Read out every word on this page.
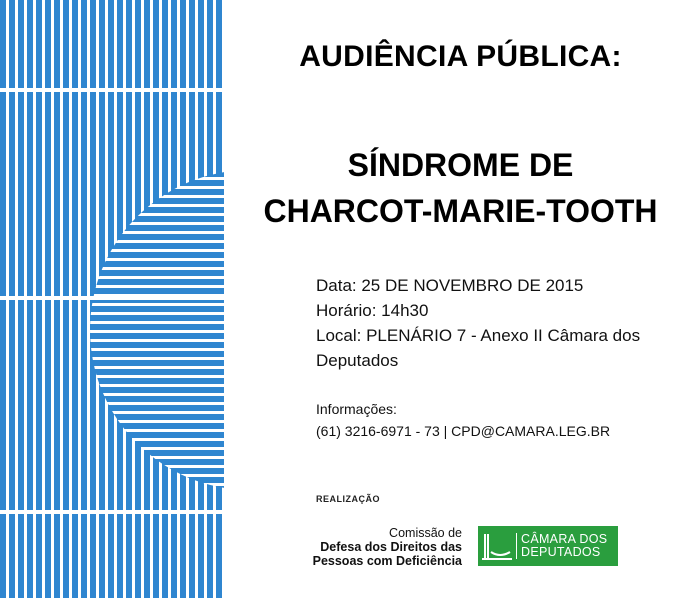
AUDIÊNCIA PÚBLICA:
SÍNDROME DE
CHARCOT-MARIE-TOOTH
Data: 25 DE NOVEMBRO DE 2015
Horário: 14h30
Local: PLENÁRIO 7 - Anexo II Câmara dos Deputados
Informações:
(61) 3216-6971 - 73 | CPD@CAMARA.LEG.BR
REALIZAÇÃO
Comissão de
Defesa dos Direitos das
Pessoas com Deficiência
CÂMARA DOS
DEPUTADOS
